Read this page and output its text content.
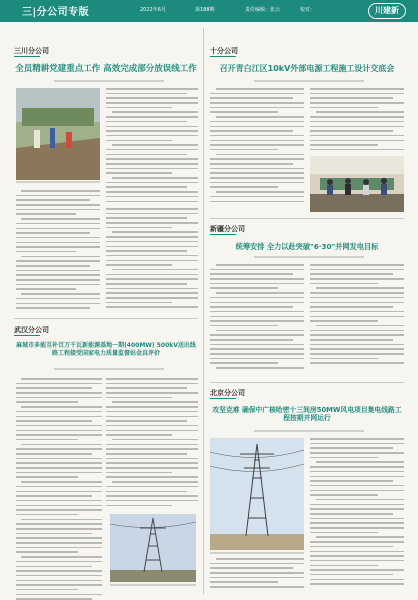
三|分公司专版	2022年6月	第188期	责任编辑：张云	校对：	川建新
三川分公司
全员精耕党建重点工作 高效完成部分放误线工作
武汉分公司
麻城市多能互补百万千瓦新能源基地一期(400MW) 500kV送出线路工程接受国家电力质量监督站金具评价
十分公司
召开青白江区10kV外部电源工程施工设计交底会
新疆分公司
统筹安排 全力以赴突破"6·30"并网发电目标
北京分公司
攻坚克难 确保中广核哈密十三间房50MW风电项目集电线路工程按期并网运行
